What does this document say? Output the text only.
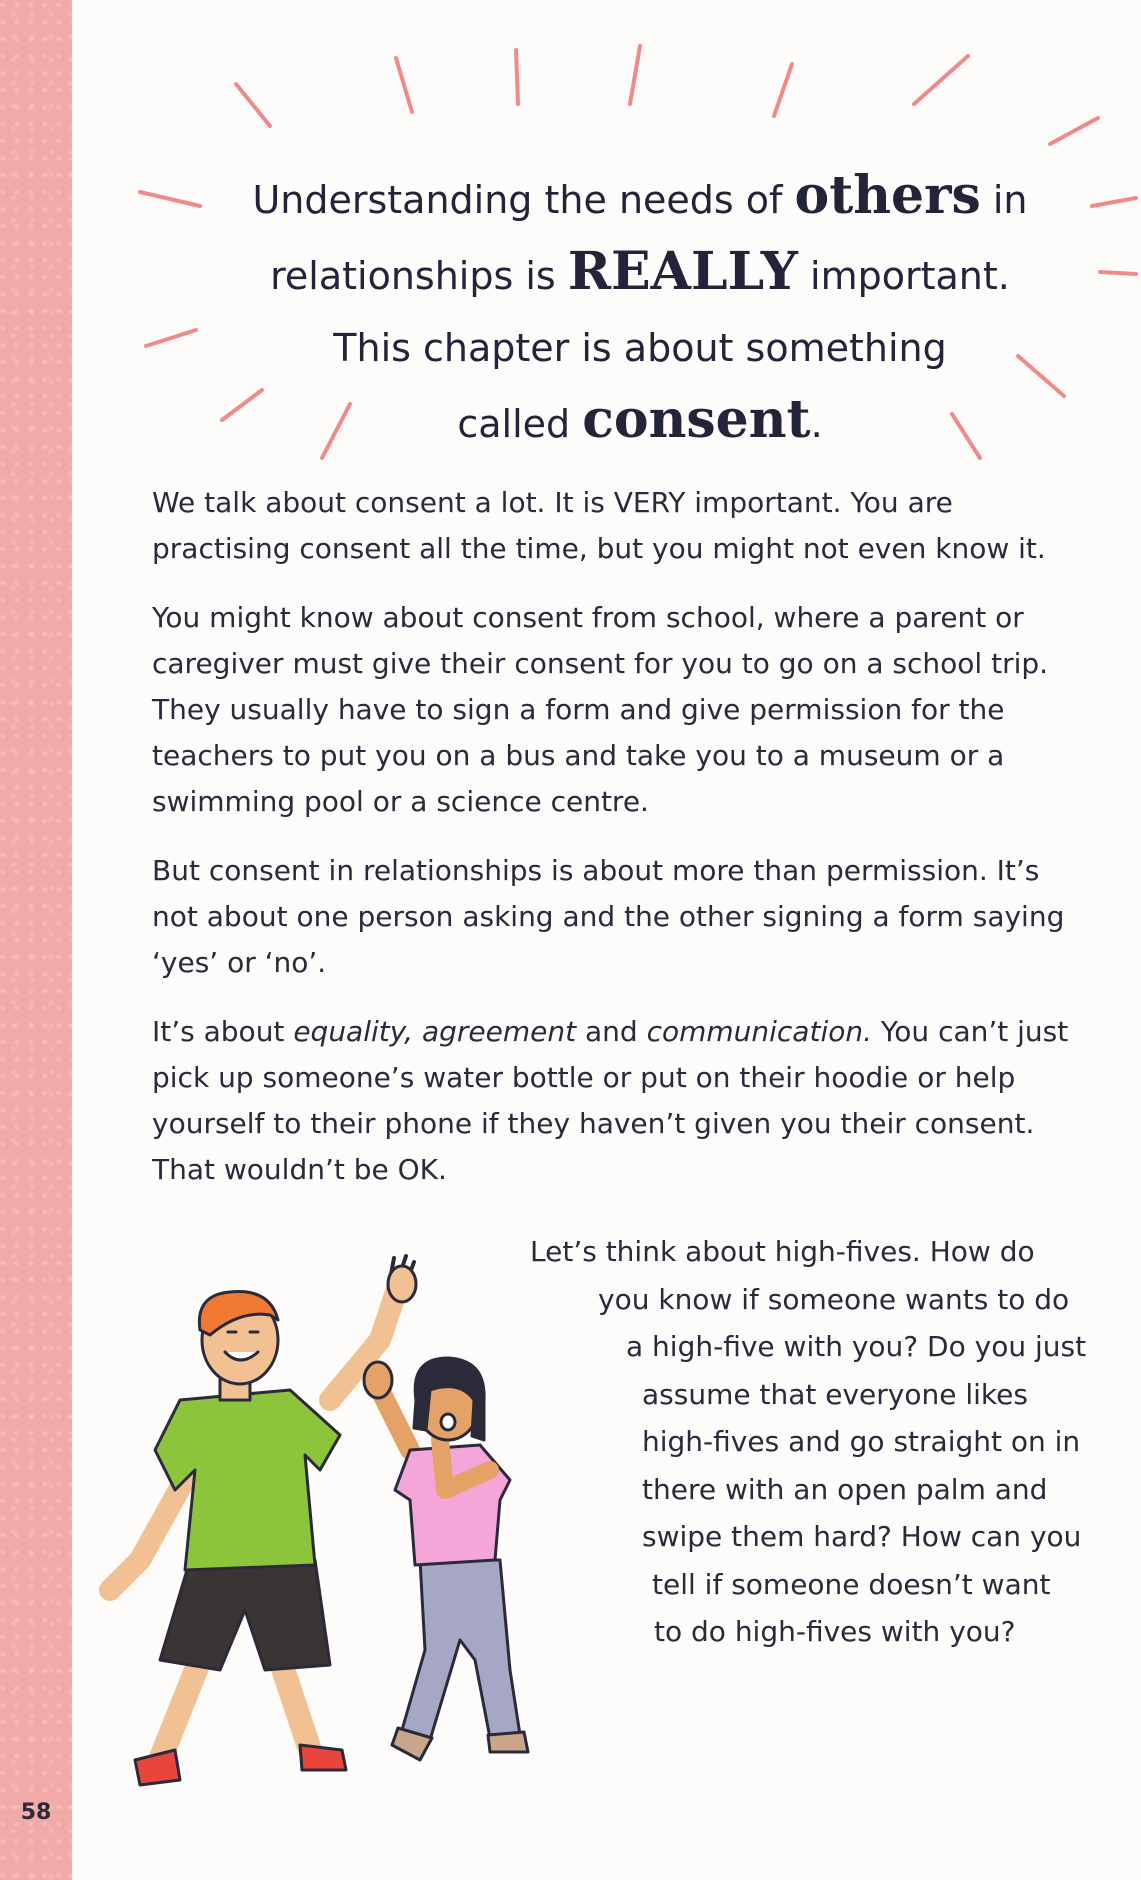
58
Understanding the needs of others in
relationships is REALLY important.
This chapter is about something
called consent.

We talk about consent a lot. It is VERY important. You are practising consent all the time, but you might not even know it.

You might know about consent from school, where a parent or caregiver must give their consent for you to go on a school trip. They usually have to sign a form and give permission for the teachers to put you on a bus and take you to a museum or a swimming pool or a science centre.

But consent in relationships is about more than permission. It’s not about one person asking and the other signing a form saying ‘yes’ or ‘no’.

It’s about equality, agreement and communication. You can’t just pick up someone’s water bottle or put on their hoodie or help yourself to their phone if they haven’t given you their consent. That wouldn’t be OK.

Let’s think about high-fives. How do
you know if someone wants to do
a high-five with you? Do you just
assume that everyone likes
high-fives and go straight on in
there with an open palm and
swipe them hard? How can you
tell if someone doesn’t want
to do high-fives with you?
